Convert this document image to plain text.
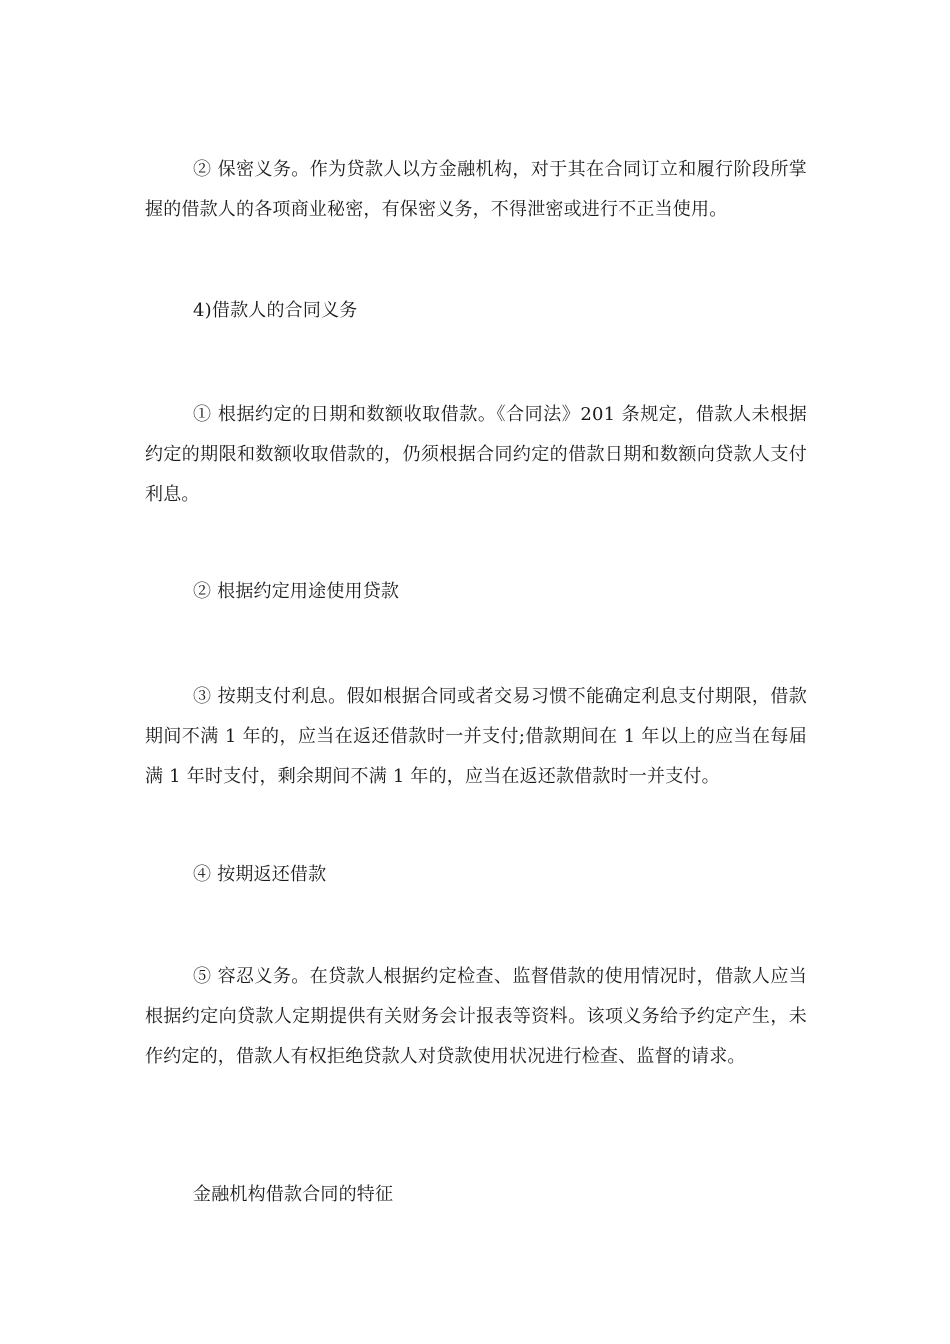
② 保密义务。作为贷款人以方金融机构，对于其在合同订立和履行阶段所掌握的借款人的各项商业秘密，有保密义务，不得泄密或进行不正当使用。

4)借款人的合同义务

① 根据约定的日期和数额收取借款。《合同法》201 条规定，借款人未根据约定的期限和数额收取借款的，仍须根据合同约定的借款日期和数额向贷款人支付利息。

② 根据约定用途使用贷款

③ 按期支付利息。假如根据合同或者交易习惯不能确定利息支付期限，借款期间不满 1 年的，应当在返还借款时一并支付;借款期间在 1 年以上的应当在每届满 1 年时支付，剩余期间不满 1 年的，应当在返还款借款时一并支付。

④ 按期返还借款

⑤ 容忍义务。在贷款人根据约定检查、监督借款的使用情况时，借款人应当根据约定向贷款人定期提供有关财务会计报表等资料。该项义务给予约定产生，未作约定的，借款人有权拒绝贷款人对贷款使用状况进行检查、监督的请求。

金融机构借款合同的特征
